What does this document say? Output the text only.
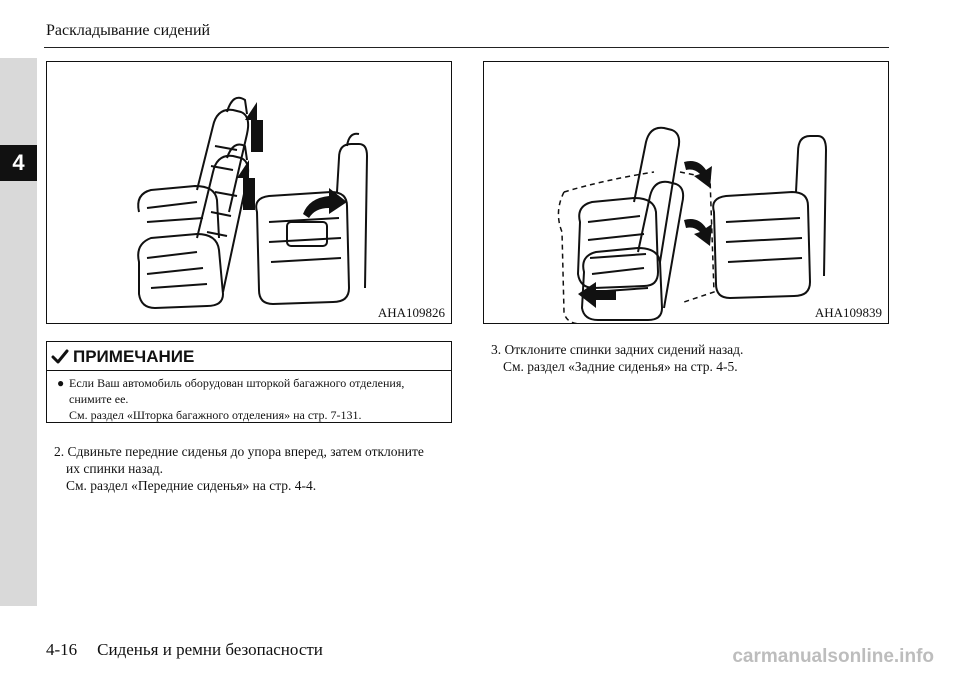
4
Раскладывание сидений
AHA109826	AHA109839
ПРИМЕЧАНИЕ
● Если Ваш автомобиль оборудован шторкой багажного отделения,
снимите ее.
См. раздел «Шторка багажного отделения» на стр. 7-131.
2. Сдвиньте передние сиденья до упора вперед, затем отклоните
их спинки назад.
См. раздел «Передние сиденья» на стр. 4-4.
3. Отклоните спинки задних сидений назад.
См. раздел «Задние сиденья» на стр. 4-5.
4-16 Сиденья и ремни безопасности	carmanualsonline.info
